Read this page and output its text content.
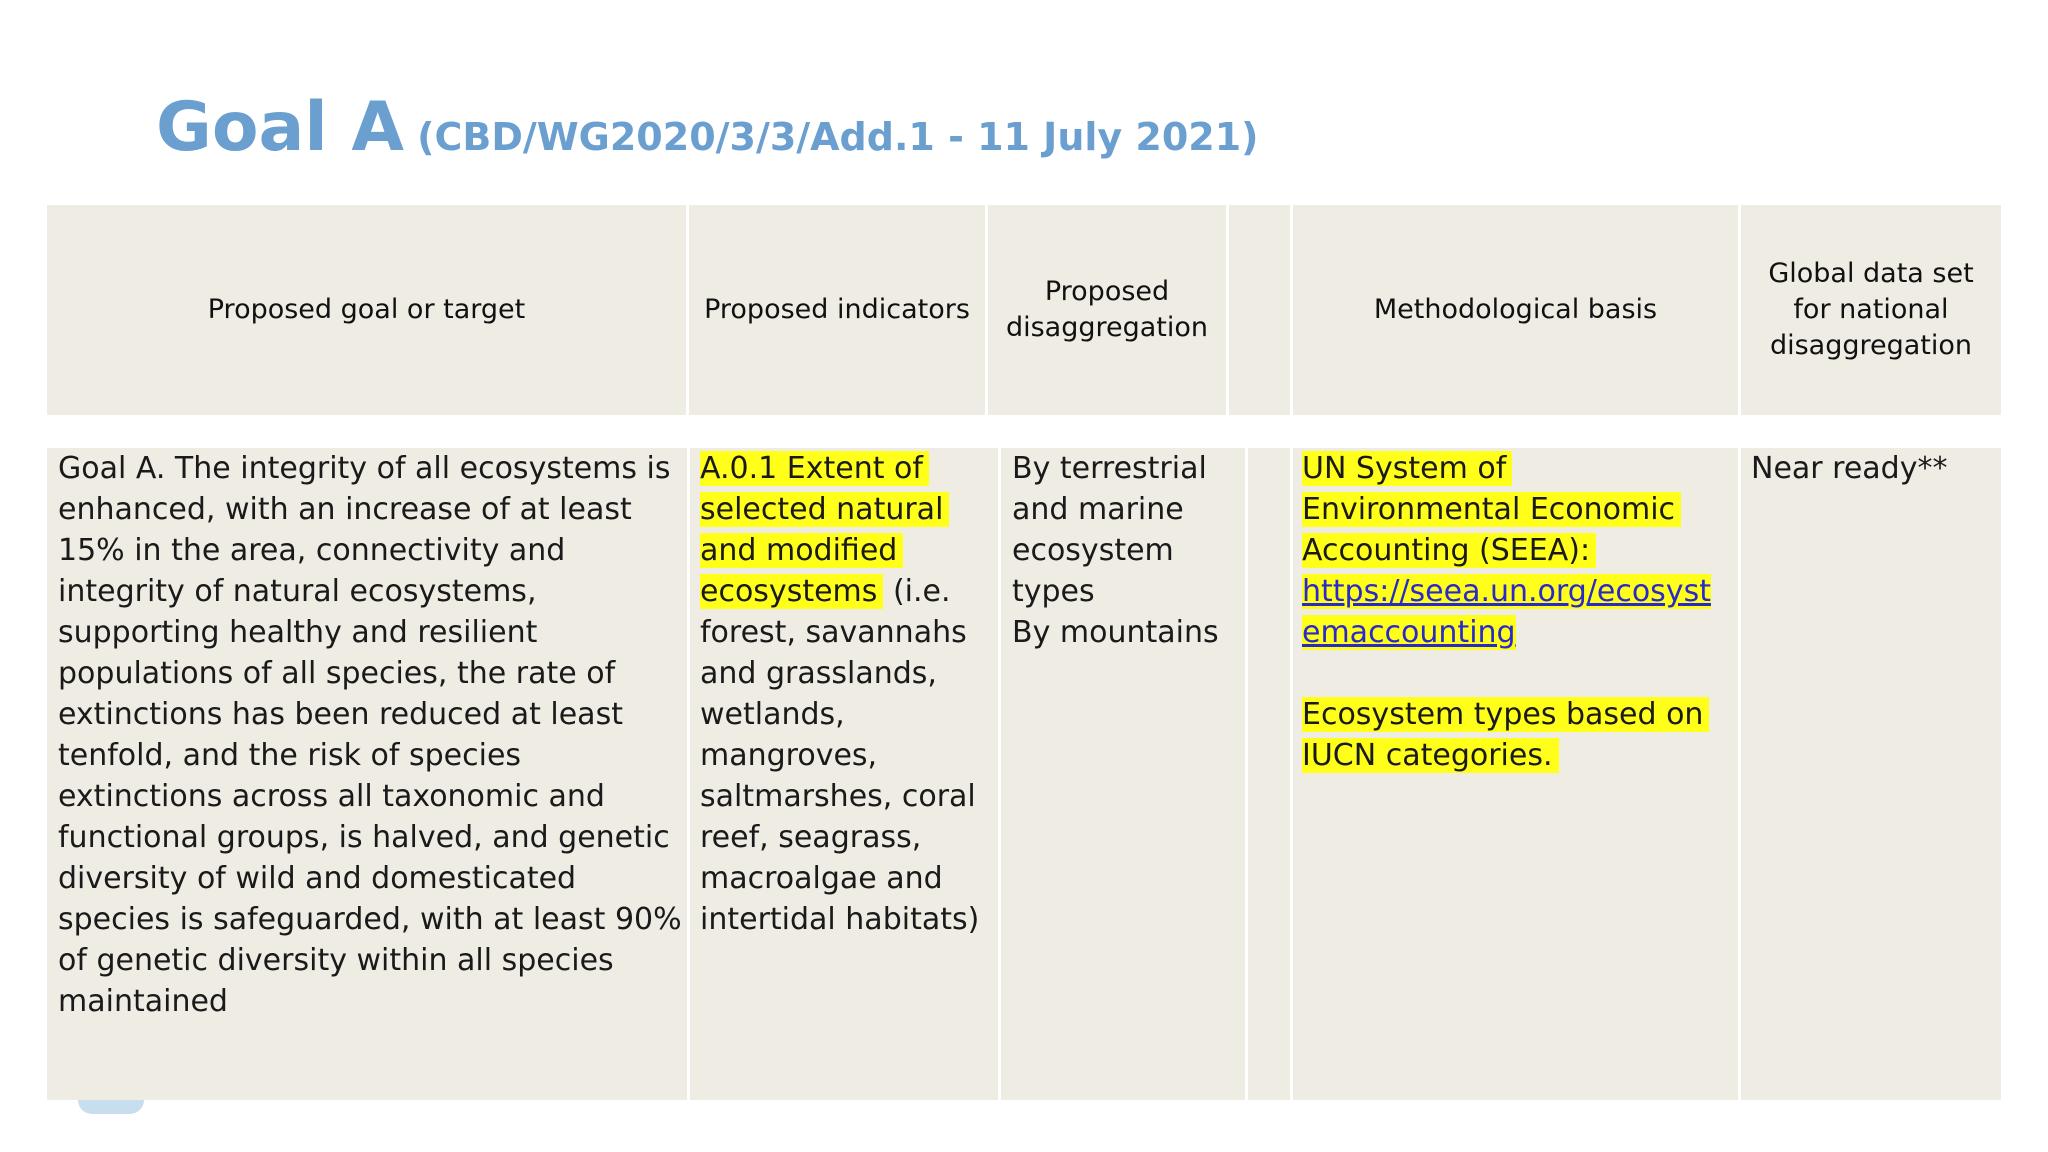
Goal A (CBD/WG2020/3/3/Add.1 - 11 July 2021)
Proposed goal or target	Proposed indicators
Proposed disaggregation
Methodological basis
Global data set for national disaggregation
Goal A. The integrity of all ecosystems is enhanced, with an increase of at least 15% in the area, connectivity and integrity of natural ecosystems, supporting healthy and resilient populations of all species, the rate of extinctions has been reduced at least tenfold, and the risk of species extinctions across all taxonomic and functional groups, is halved, and genetic diversity of wild and domesticated species is safeguarded, with at least 90% of genetic diversity within all species maintained
A.0.1 Extent of selected natural and modified ecosystems (i.e. forest, savannahs and grasslands, wetlands, mangroves, saltmarshes, coral reef, seagrass, macroalgae and intertidal habitats)
By terrestrial and marine ecosystem types
By mountains
UN System of Environmental Economic Accounting (SEEA):
https://seea.un.org/ecosystemaccounting
Ecosystem types based on IUCN categories.
Near ready**
